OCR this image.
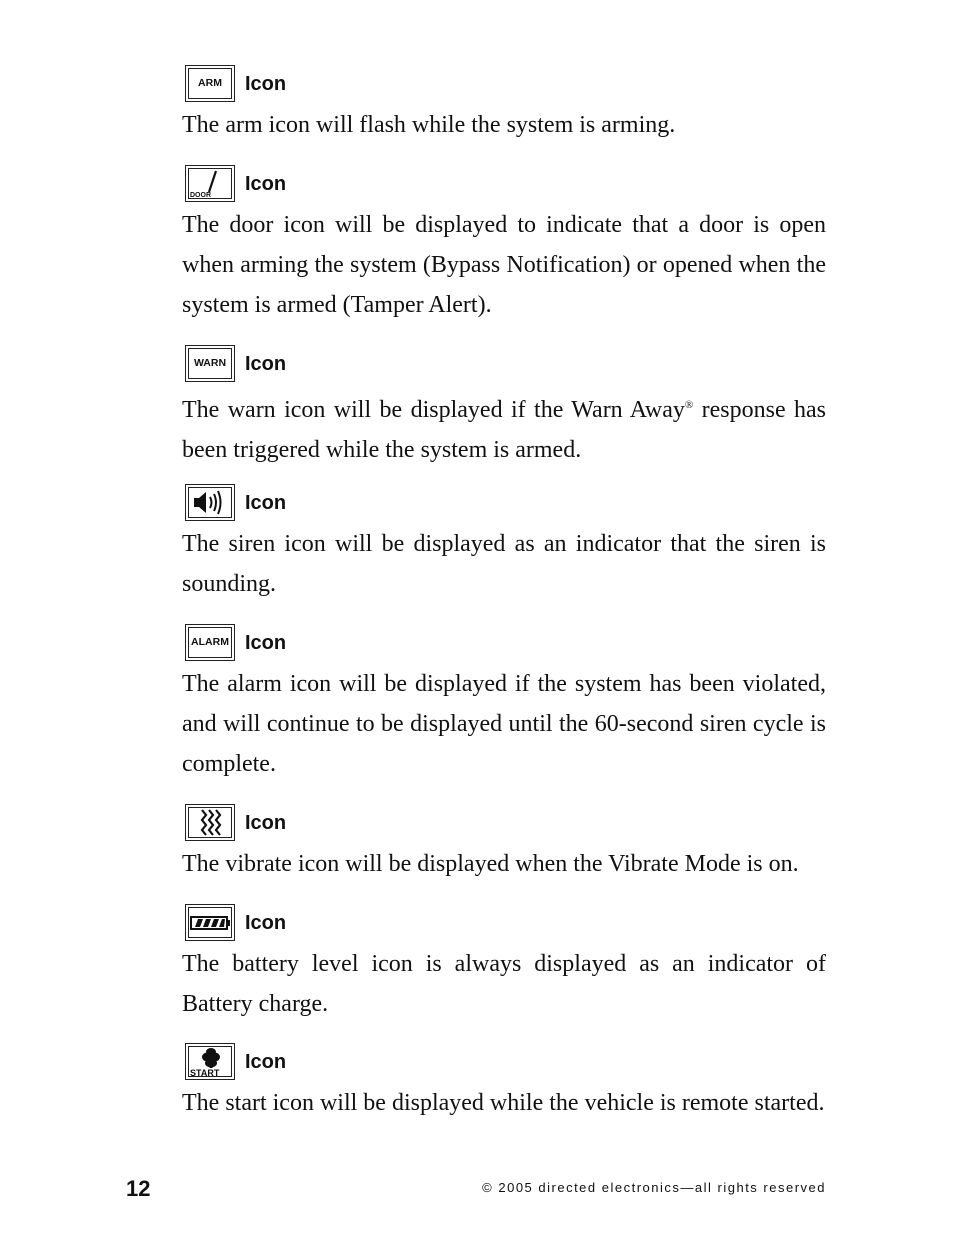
ARM	Icon

The arm icon will flash while the system is arming.

DOOR
Icon

The door icon will be displayed to indicate that a door is open when arming the system (Bypass Notification) or opened when the system is armed (Tamper Alert).

WARN Icon

The warn icon will be displayed if the Warn Away® response has been triggered while the system is armed.

Icon

The siren icon will be displayed as an indicator that the siren is sounding.

ALARM Icon

The alarm icon will be displayed if the system has been violated, and will continue to be displayed until the 60-second siren cycle is complete.

Icon

The vibrate icon will be displayed when the Vibrate Mode is on.

Icon

The battery level icon is always displayed as an indicator of Battery charge.

START Icon

The start icon will be displayed while the vehicle is remote started.

12	© 2005 directed electronics—all rights reserved
